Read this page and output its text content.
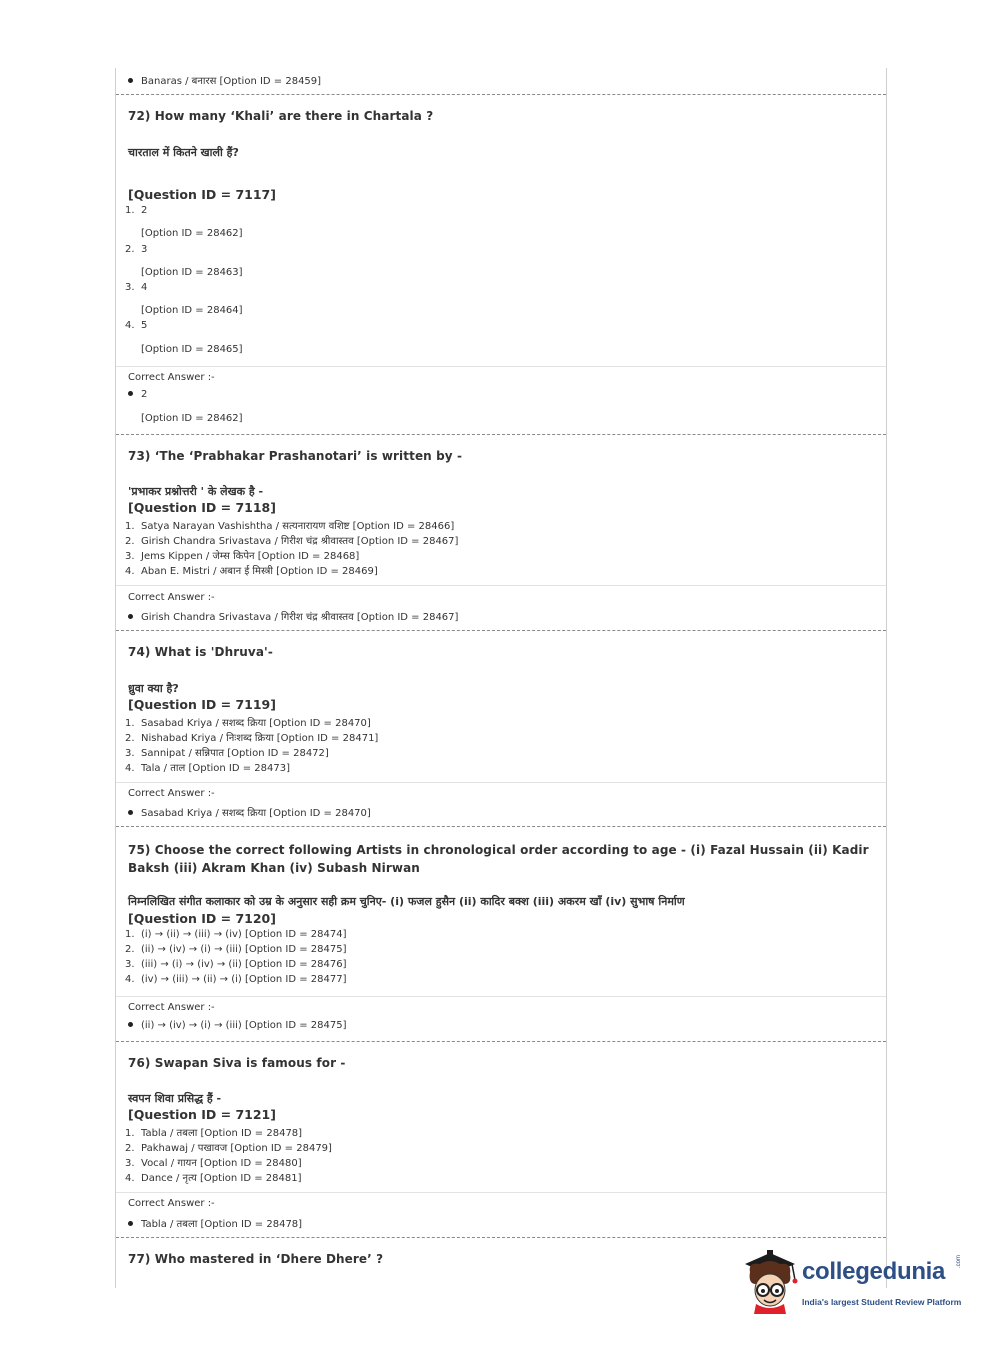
Banaras / बनारस [Option ID = 28459]
72) How many ‘Khali’ are there in Chartala ?
चारताल में कितने खाली हैं?
[Question ID = 7117]
1. 2
[Option ID = 28462]
2. 3
[Option ID = 28463]
3. 4
[Option ID = 28464]
4. 5
[Option ID = 28465]
Correct Answer :-
2
[Option ID = 28462]
73) ‘The ‘Prabhakar Prashanotari’ is written by -
'प्रभाकर प्रश्नोत्तरी ' के लेखक है -
[Question ID = 7118]
1. Satya Narayan Vashishtha / सत्यनारायण वशिष्ट [Option ID = 28466]
2. Girish Chandra Srivastava / गिरीश चंद्र श्रीवास्तव [Option ID = 28467]
3. Jems Kippen / जेम्स किपेन [Option ID = 28468]
4. Aban E. Mistri / अबान ई मिस्त्री [Option ID = 28469]
Correct Answer :-
Girish Chandra Srivastava / गिरीश चंद्र श्रीवास्तव [Option ID = 28467]
74) What is 'Dhruva'-
ध्रुवा क्या है?
[Question ID = 7119]
1. Sasabad Kriya / सशब्द क्रिया [Option ID = 28470]
2. Nishabad Kriya / निःशब्द क्रिया [Option ID = 28471]
3. Sannipat / सन्निपात [Option ID = 28472]
4. Tala / ताल [Option ID = 28473]
Correct Answer :-
Sasabad Kriya / सशब्द क्रिया [Option ID = 28470]
75) Choose the correct following Artists in chronological order according to age - (i) Fazal Hussain (ii) Kadir Baksh (iii) Akram Khan (iv) Subash Nirwan
निम्नलिखित संगीत कलाकार को उम्र के अनुसार सही क्रम चुनिए- (i) फजल हुसैन (ii) कादिर बक्श (iii) अकरम खाँ (iv) सुभाष निर्माण
[Question ID = 7120]
1. (i) → (ii) → (iii) → (iv) [Option ID = 28474]
2. (ii) → (iv) → (i) → (iii) [Option ID = 28475]
3. (iii) → (i) → (iv) → (ii) [Option ID = 28476]
4. (iv) → (iii) → (ii) → (i) [Option ID = 28477]
Correct Answer :-
(ii) → (iv) → (i) → (iii) [Option ID = 28475]
76) Swapan Siva is famous for -
स्वपन शिवा प्रसिद्ध हैं -
[Question ID = 7121]
1. Tabla / तबला [Option ID = 28478]
2. Pakhawaj / पखावज [Option ID = 28479]
3. Vocal / गायन [Option ID = 28480]
4. Dance / नृत्य [Option ID = 28481]
Correct Answer :-
Tabla / तबला [Option ID = 28478]
77) Who mastered in ‘Dhere Dhere’ ?	collegedunia .com
India's largest Student Review Platform
